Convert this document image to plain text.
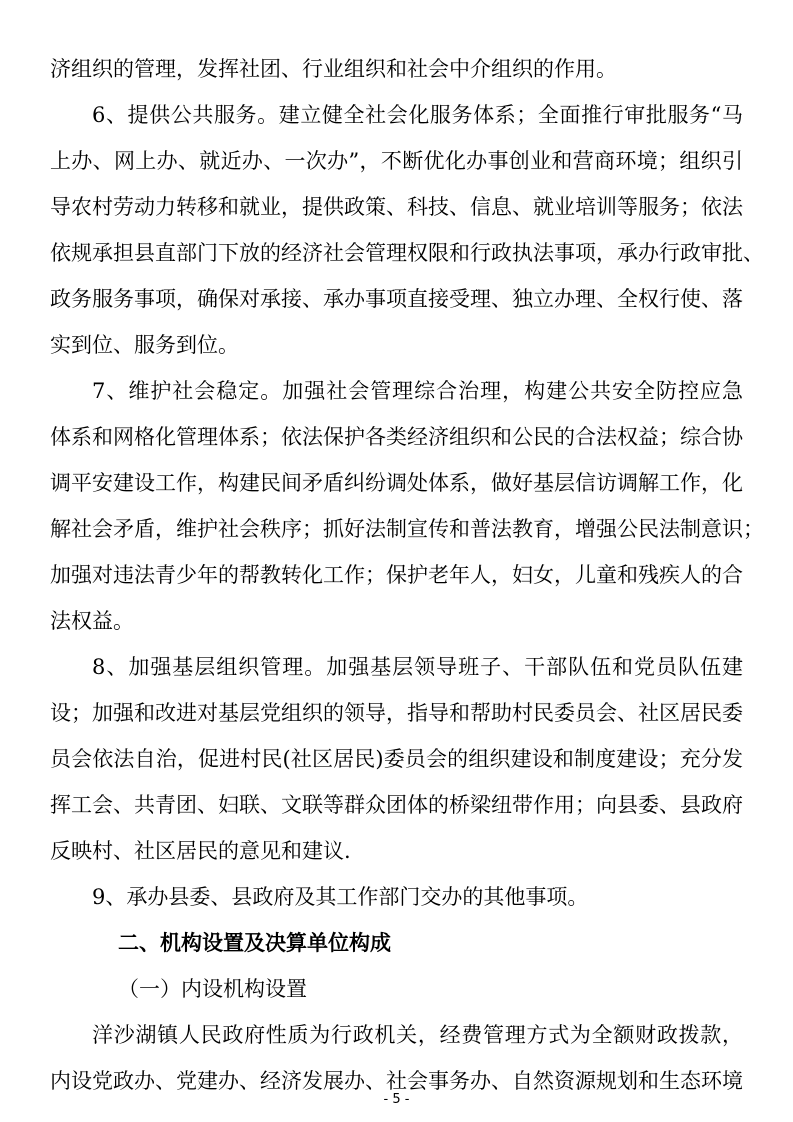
济组织的管理，发挥社团、行业组织和社会中介组织的作用。
6、提供公共服务。建立健全社会化服务体系；全面推行审批服务“马
上办、网上办、就近办、一次办”，不断优化办事创业和营商环境；组织引
导农村劳动力转移和就业，提供政策、科技、信息、就业培训等服务；依法
依规承担县直部门下放的经济社会管理权限和行政执法事项，承办行政审批、
政务服务事项，确保对承接、承办事项直接受理、独立办理、全权行使、落
实到位、服务到位。
7、维护社会稳定。加强社会管理综合治理，构建公共安全防控应急
体系和网格化管理体系；依法保护各类经济组织和公民的合法权益；综合协
调平安建设工作，构建民间矛盾纠纷调处体系，做好基层信访调解工作，化
解社会矛盾，维护社会秩序；抓好法制宣传和普法教育，增强公民法制意识；
加强对违法青少年的帮教转化工作；保护老年人，妇女，儿童和残疾人的合
法权益。
8、加强基层组织管理。加强基层领导班子、干部队伍和党员队伍建
设；加强和改进对基层党组织的领导，指导和帮助村民委员会、社区居民委
员会依法自治，促进村民(社区居民)委员会的组织建设和制度建设；充分发
挥工会、共青团、妇联、文联等群众团体的桥梁纽带作用；向县委、县政府
反映村、社区居民的意见和建议.
9、承办县委、县政府及其工作部门交办的其他事项。
二、机构设置及决算单位构成
（一）内设机构设置
洋沙湖镇人民政府性质为行政机关，经费管理方式为全额财政拨款，
内设党政办、党建办、经济发展办、社会事务办、自然资源规划和生态环境
- 5 -
